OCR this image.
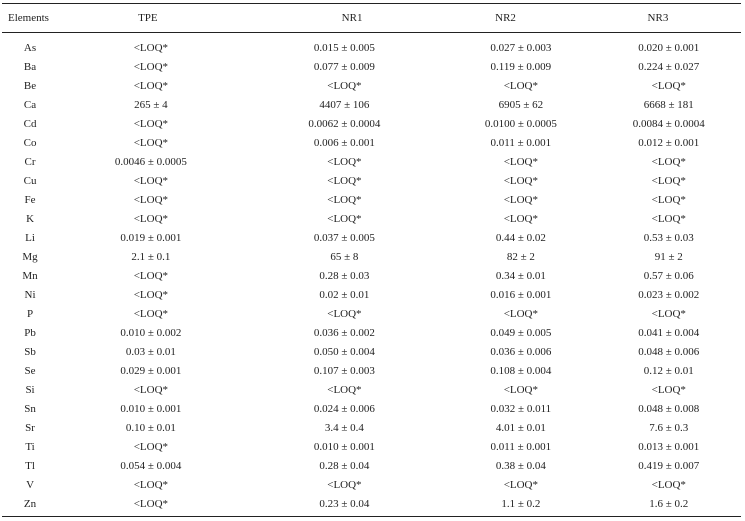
Elements	TPE	NR1	NR2	NR3
As	<LOQ*	0.015 ± 0.005	0.027 ± 0.003	0.020 ± 0.001
Ba	<LOQ*	0.077 ± 0.009	0.119 ± 0.009	0.224 ± 0.027
Be	<LOQ*	<LOQ*	<LOQ*	<LOQ*
Ca	265 ± 4	4407 ± 106	6905 ± 62	6668 ± 181
Cd	<LOQ*	0.0062 ± 0.0004	0.0100 ± 0.0005	0.0084 ± 0.0004
Co	<LOQ*	0.006 ± 0.001	0.011 ± 0.001	0.012 ± 0.001
Cr	0.0046 ± 0.0005	<LOQ*	<LOQ*	<LOQ*
Cu	<LOQ*	<LOQ*	<LOQ*	<LOQ*
Fe	<LOQ*	<LOQ*	<LOQ*	<LOQ*
K	<LOQ*	<LOQ*	<LOQ*	<LOQ*
Li	0.019 ± 0.001	0.037 ± 0.005	0.44 ± 0.02	0.53 ± 0.03
Mg	2.1 ± 0.1	65 ± 8	82 ± 2	91 ± 2
Mn	<LOQ*	0.28 ± 0.03	0.34 ± 0.01	0.57 ± 0.06
Ni	<LOQ*	0.02 ± 0.01	0.016 ± 0.001	0.023 ± 0.002
P	<LOQ*	<LOQ*	<LOQ*	<LOQ*
Pb	0.010 ± 0.002	0.036 ± 0.002	0.049 ± 0.005	0.041 ± 0.004
Sb	0.03 ± 0.01	0.050 ± 0.004	0.036 ± 0.006	0.048 ± 0.006
Se	0.029 ± 0.001	0.107 ± 0.003	0.108 ± 0.004	0.12 ± 0.01
Si	<LOQ*	<LOQ*	<LOQ*	<LOQ*
Sn	0.010 ± 0.001	0.024 ± 0.006	0.032 ± 0.011	0.048 ± 0.008
Sr	0.10 ± 0.01	3.4 ± 0.4	4.01 ± 0.01	7.6 ± 0.3
Ti	<LOQ*	0.010 ± 0.001	0.011 ± 0.001	0.013 ± 0.001
Tl	0.054 ± 0.004	0.28 ± 0.04	0.38 ± 0.04	0.419 ± 0.007
V	<LOQ*	<LOQ*	<LOQ*	<LOQ*
Zn	<LOQ*	0.23 ± 0.04	1.1 ± 0.2	1.6 ± 0.2
